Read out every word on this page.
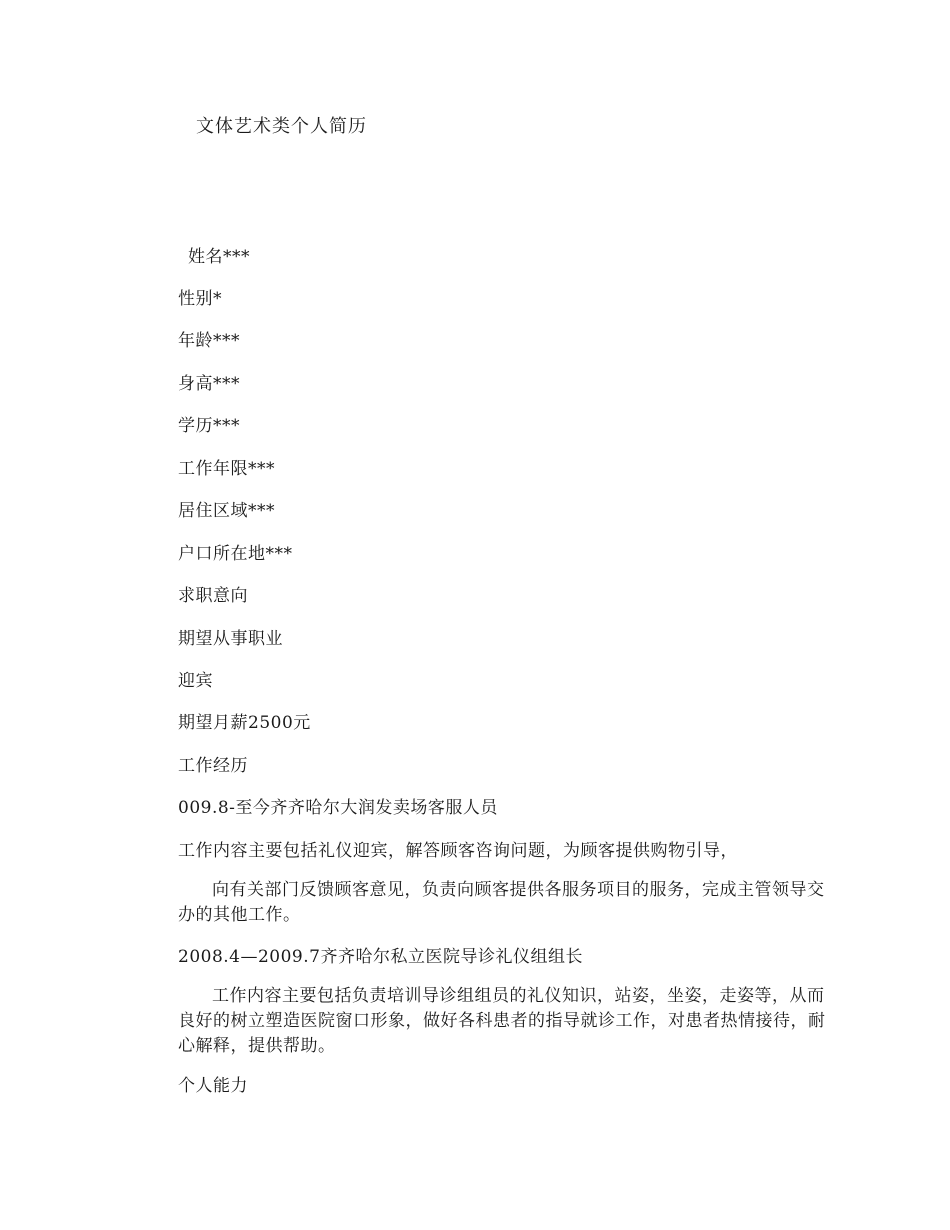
文体艺术类个人简历
姓名***
性别*
年龄***
身高***
学历***
工作年限***
居住区域***
户口所在地***
求职意向
期望从事职业
迎宾
期望月薪2500元
工作经历
009.8-至今齐齐哈尔大润发卖场客服人员
工作内容主要包括礼仪迎宾，解答顾客咨询问题，为顾客提供购物引导，
向有关部门反馈顾客意见，负责向顾客提供各服务项目的服务，完成主管领导交办的其他工作。
2008.4—2009.7齐齐哈尔私立医院导诊礼仪组组长
工作内容主要包括负责培训导诊组组员的礼仪知识，站姿，坐姿，走姿等，从而良好的树立塑造医院窗口形象，做好各科患者的指导就诊工作，对患者热情接待，耐心解释，提供帮助。
个人能力
